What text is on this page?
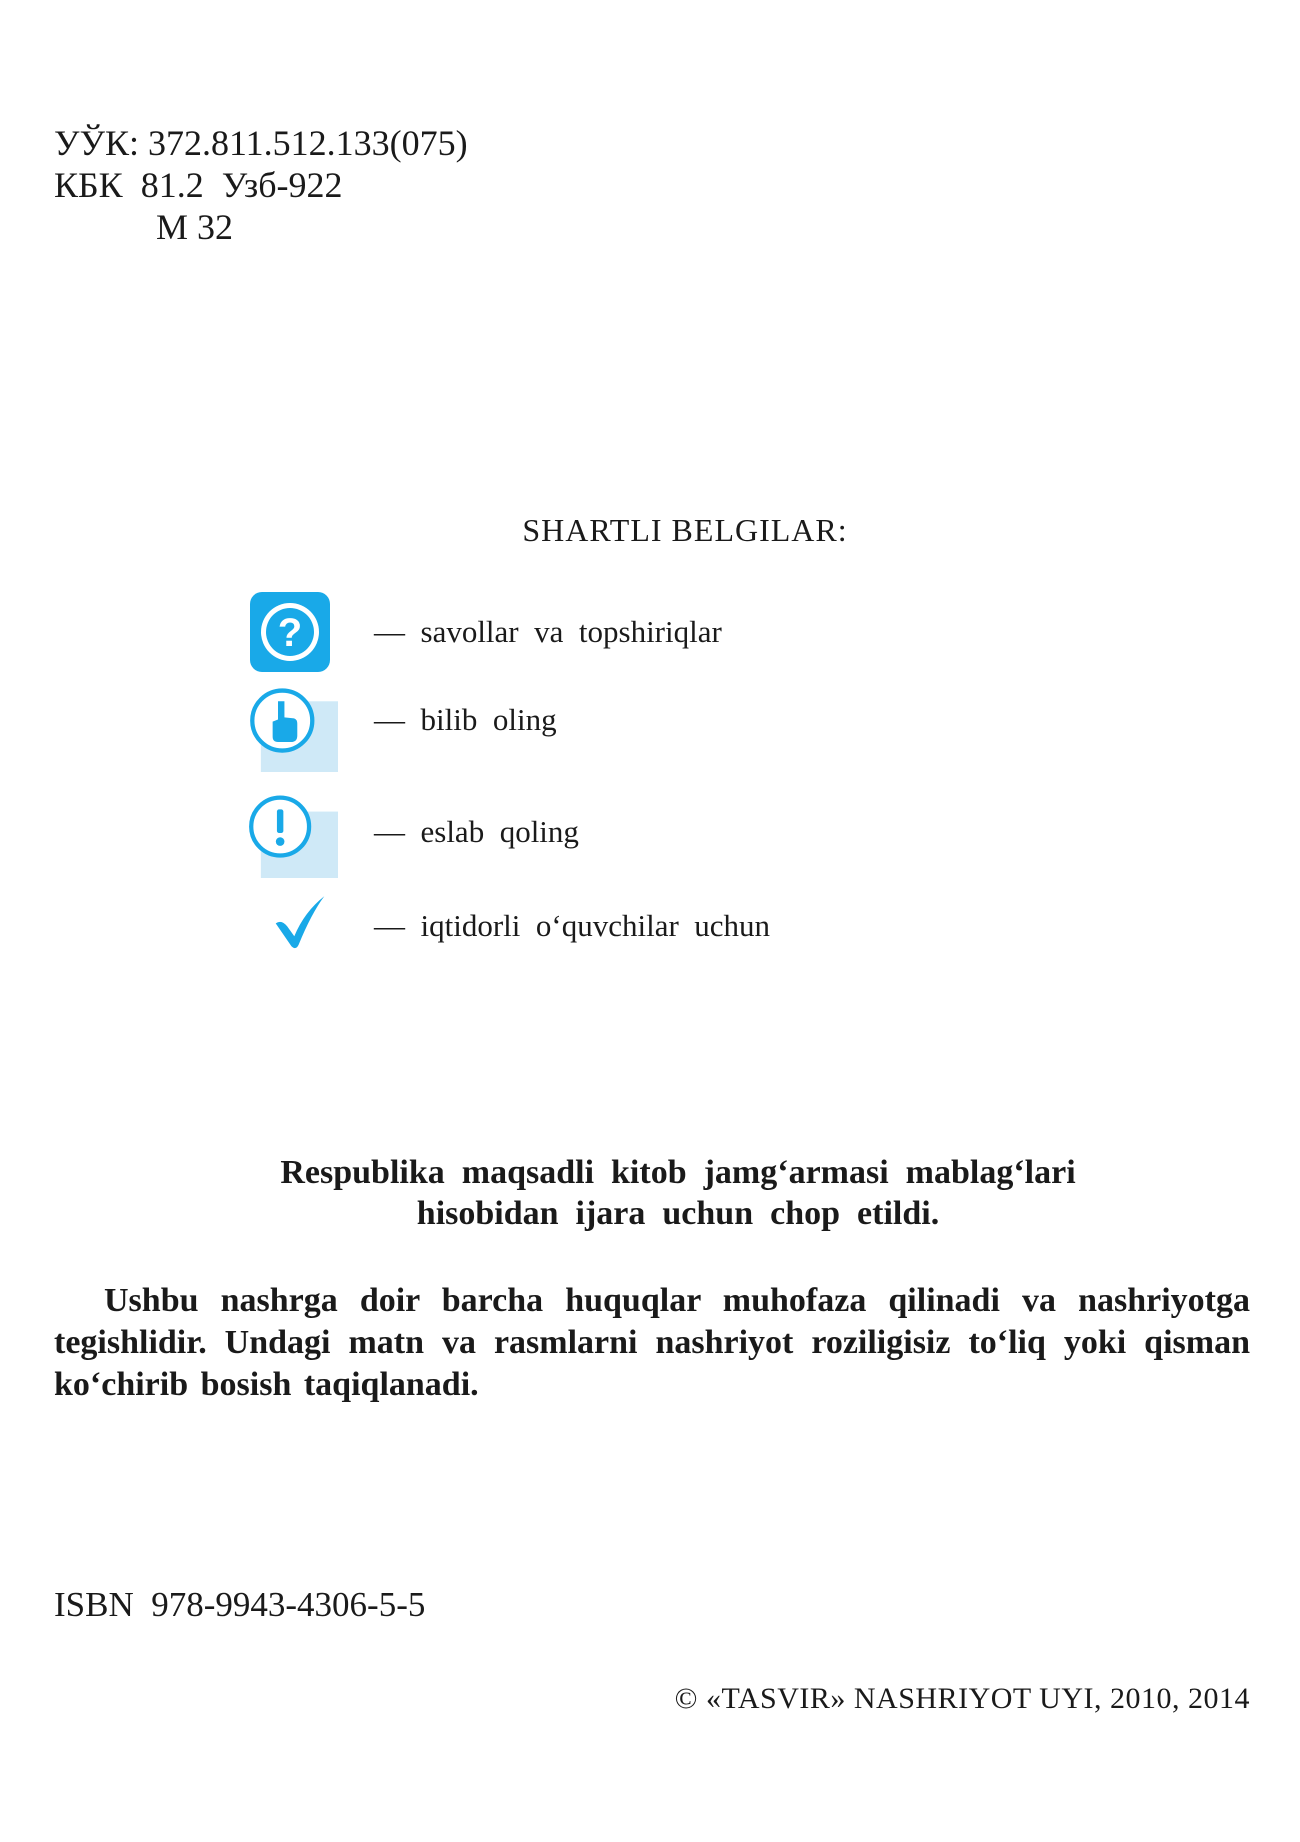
УЎК: 372.811.512.133(075)
КБК  81.2  Узб-922
М 32
SHARTLI BELGILAR:
? —  savollar  va  topshiriqlar
—  bilib  oling
—  eslab  qoling
—  iqtidorli  o‘quvchilar  uchun
Respublika  maqsadli  kitob  jamg‘armasi  mablag‘lari
hisobidan  ijara  uchun  chop  etildi.
Ushbu nashrga doir barcha huquqlar muhofaza qilinadi va nashriyotga tegishlidir. Undagi matn va rasmlarni nashriyot roziligisiz to‘liq yoki qisman ko‘chirib bosish taqiqlanadi.
ISBN  978-9943-4306-5-5
© «TASVIR» NASHRIYOT UYI, 2010, 2014
